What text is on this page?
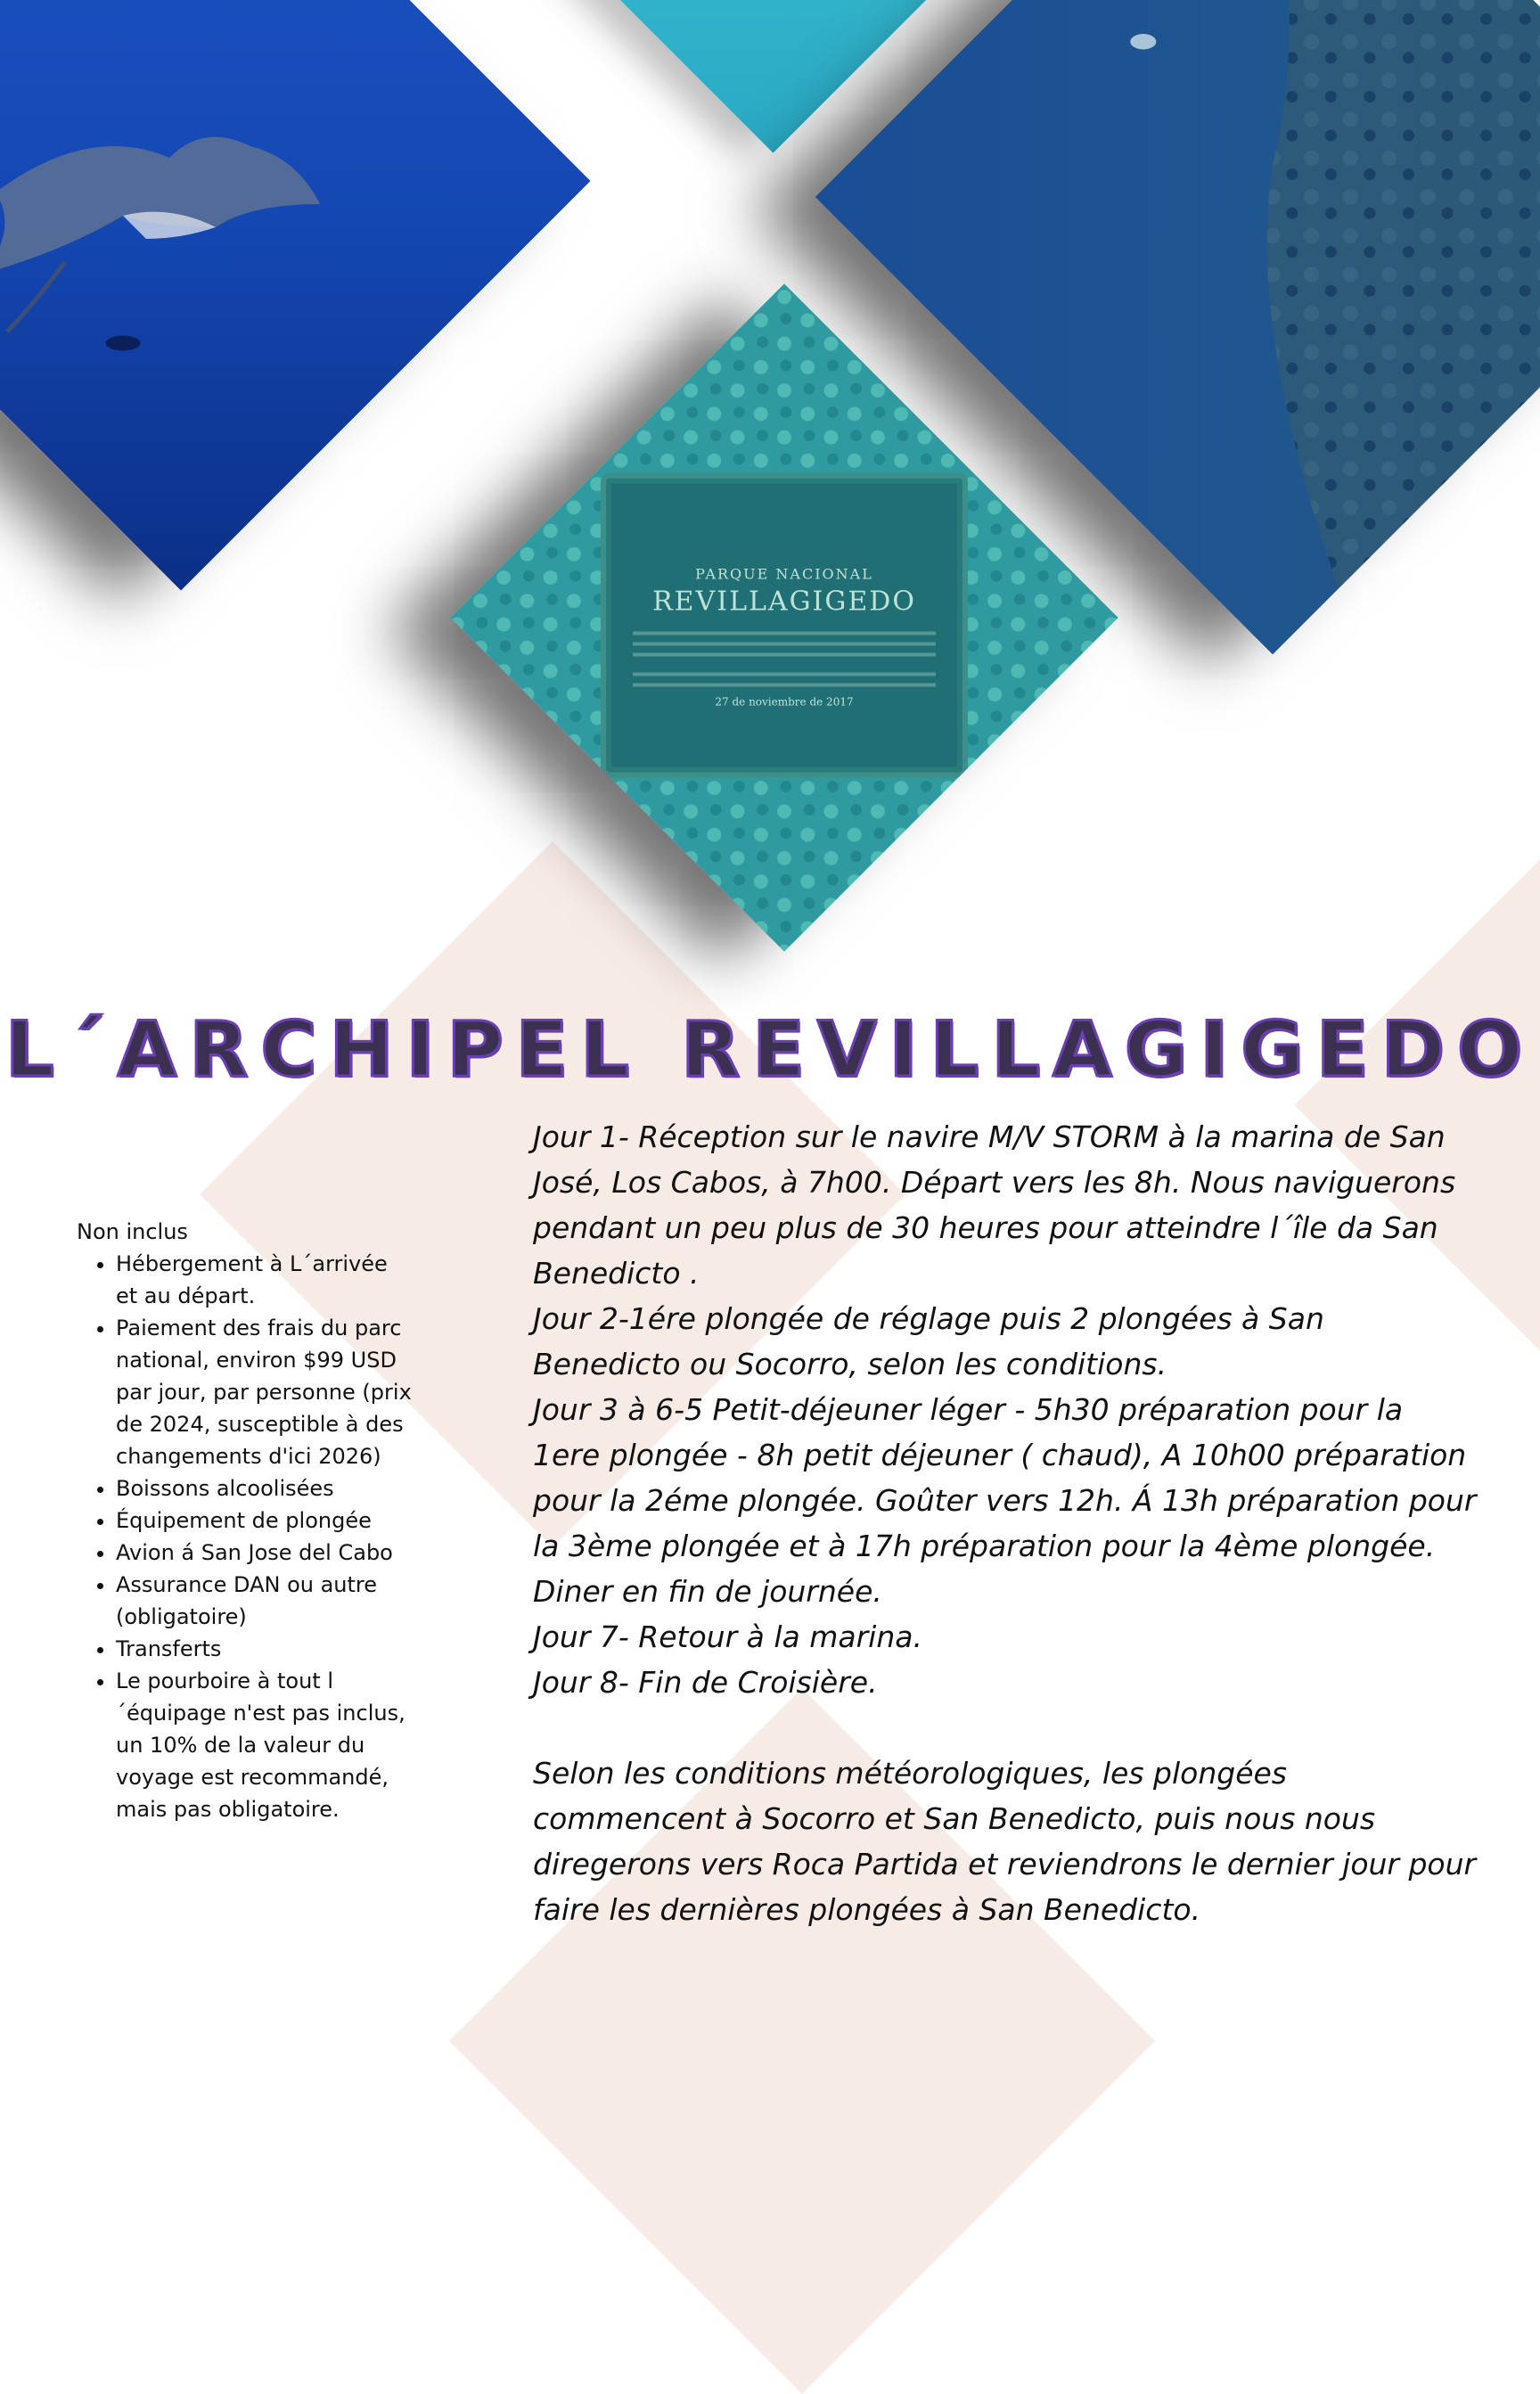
PARQUE NACIONAL
REVILLAGIGEDO
27 de noviembre de 2017
L´ARCHIPEL REVILLAGIGEDO
Non inclus
• Hébergement à L´arrivée et au départ.
• Paiement des frais du parc national, environ $99 USD par jour, par personne (prix de 2024, susceptible à des changements d'ici 2026)
• Boissons alcoolisées
• Équipement de plongée
• Avion á San Jose del Cabo
• Assurance DAN ou autre (obligatoire)
• Transferts
• Le pourboire à tout l´équipage n'est pas inclus, un 10% de la valeur du voyage est recommandé, mais pas obligatoire.

Jour 1- Réception sur le navire M/V STORM à la marina de San José, Los Cabos, à 7h00. Départ vers les 8h. Nous naviguerons pendant un peu plus de 30 heures pour atteindre l´île da San Benedicto .

Jour 2-1ére plongée de réglage puis 2 plongées à San Benedicto ou Socorro, selon les conditions.

Jour 3 à 6-5 Petit-déjeuner léger - 5h30 préparation pour la 1ere plongée - 8h petit déjeuner ( chaud), A 10h00 préparation pour la 2éme plongée. Goûter vers 12h. Á 13h préparation pour la 3ème plongée et à 17h préparation pour la 4ème plongée. Diner en fin de journée.

Jour 7- Retour à la marina.

Jour 8- Fin de Croisière.

Selon les conditions météorologiques, les plongées commencent à Socorro et San Benedicto, puis nous nous diregerons vers Roca Partida et reviendrons le dernier jour pour faire les dernières plongées à San Benedicto.
